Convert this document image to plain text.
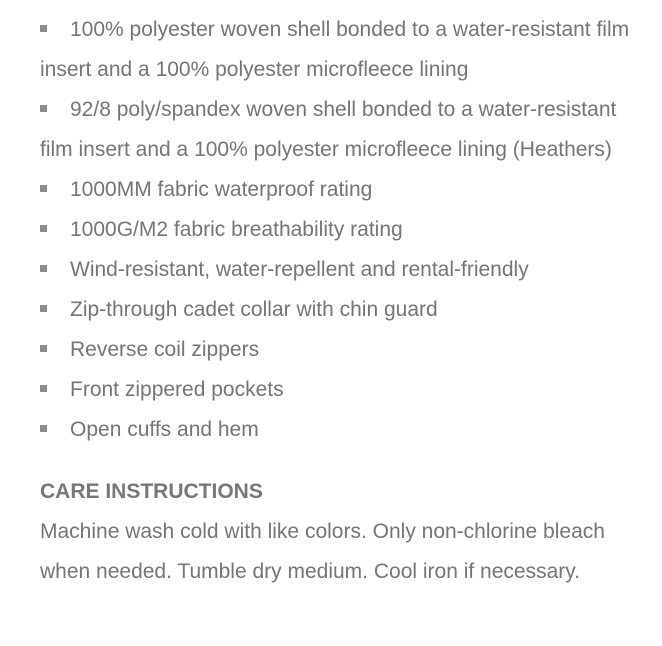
100% polyester woven shell bonded to a water-resistant film insert and a 100% polyester microfleece lining
92/8 poly/spandex woven shell bonded to a water-resistant film insert and a 100% polyester microfleece lining (Heathers)
1000MM fabric waterproof rating
1000G/M2 fabric breathability rating
Wind-resistant, water-repellent and rental-friendly
Zip-through cadet collar with chin guard
Reverse coil zippers
Front zippered pockets
Open cuffs and hem
CARE INSTRUCTIONS

Machine wash cold with like colors. Only non-chlorine bleach when needed. Tumble dry medium. Cool iron if necessary.
